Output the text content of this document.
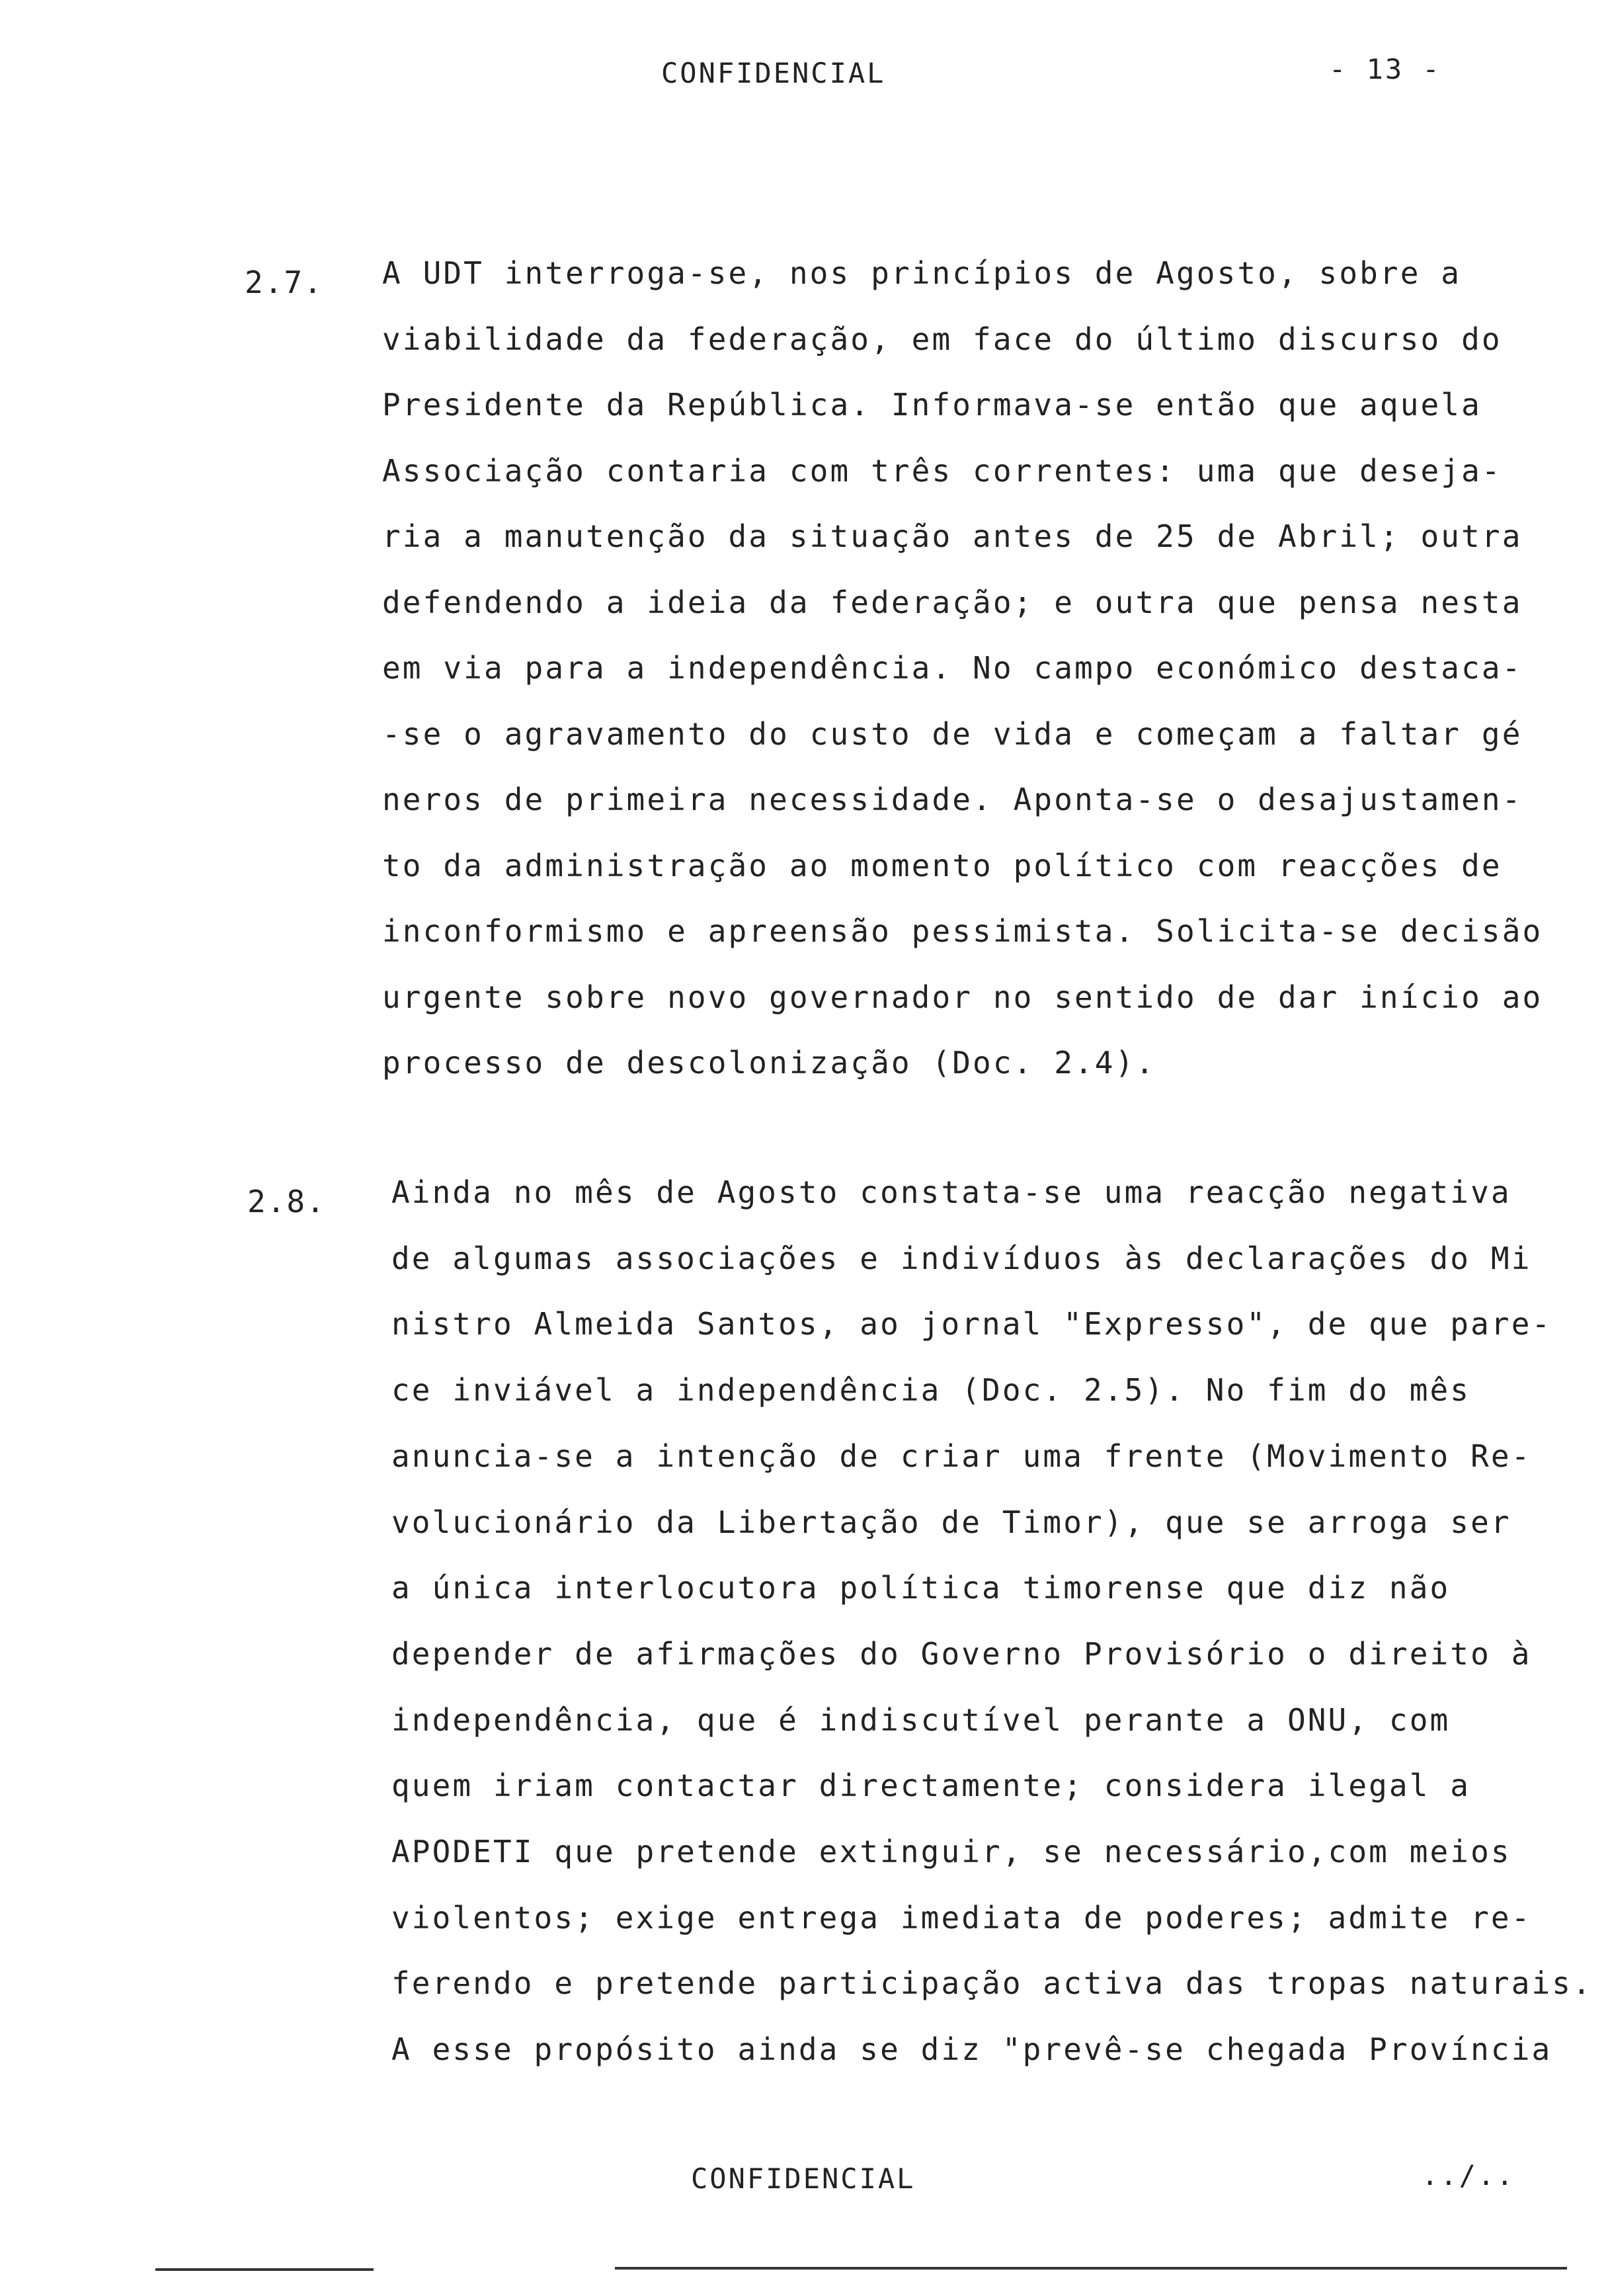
CONFIDENCIAL	- 13 -
2.7. A UDT interroga-se, nos princípios de Agosto, sobre a
viabilidade da federação, em face do último discurso do
Presidente da República. Informava-se então que aquela
Associação contaria com três correntes: uma que deseja-
ria a manutenção da situação antes de 25 de Abril; outra
defendendo a ideia da federação; e outra que pensa nesta
em via para a independência. No campo económico destaca-
-se o agravamento do custo de vida e começam a faltar gé
neros de primeira necessidade. Aponta-se o desajustamen-
to da administração ao momento político com reacções de
inconformismo e apreensão pessimista. Solicita-se decisão
urgente sobre novo governador no sentido de dar início ao
processo de descolonização (Doc. 2.4).
2.8. Ainda no mês de Agosto constata-se uma reacção negativa
de algumas associações e indivíduos às declarações do Mi
nistro Almeida Santos, ao jornal "Expresso", de que pare-
ce inviável a independência (Doc. 2.5). No fim do mês
anuncia-se a intenção de criar uma frente (Movimento Re-
volucionário da Libertação de Timor), que se arroga ser
a única interlocutora política timorense que diz não
depender de afirmações do Governo Provisório o direito à
independência, que é indiscutível perante a ONU, com
quem iriam contactar directamente; considera ilegal a
APODETI que pretende extinguir, se necessário,com meios
violentos; exige entrega imediata de poderes; admite re-
ferendo e pretende participação activa das tropas naturais.
A esse propósito ainda se diz "prevê-se chegada Província
CONFIDENCIAL	../..
